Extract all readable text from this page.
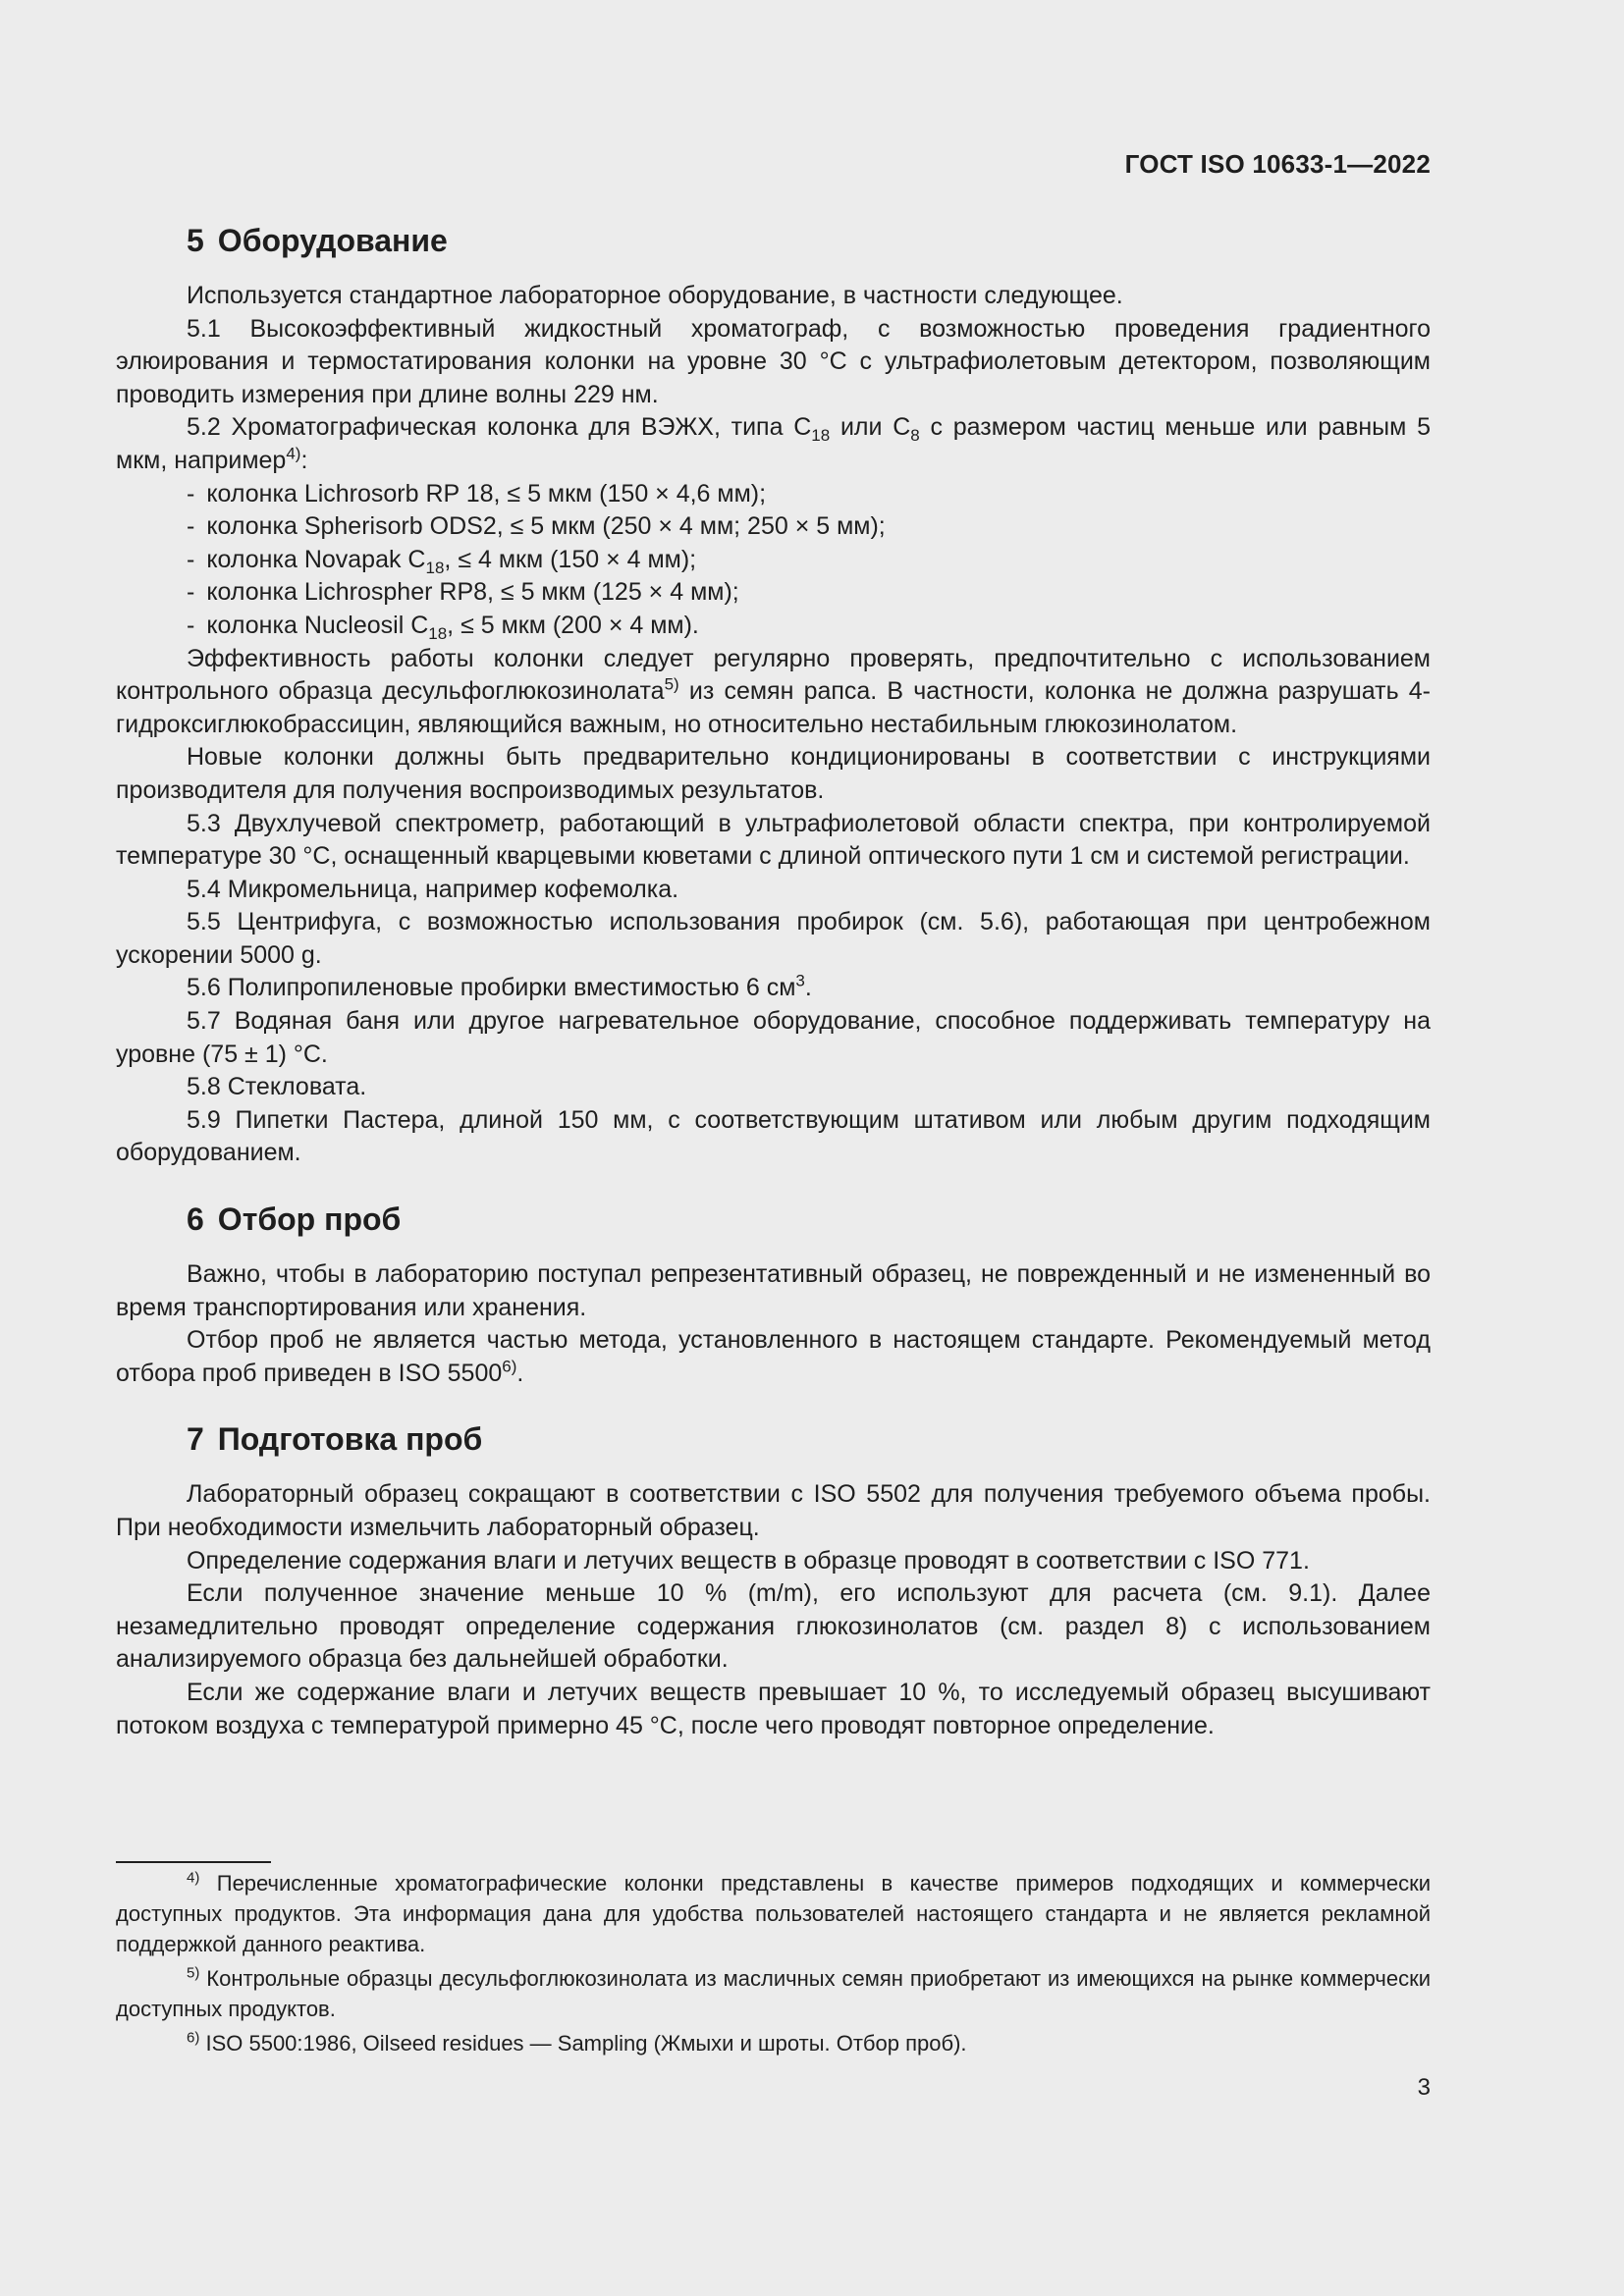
ГОСТ ISO 10633-1—2022
5 Оборудование

Используется стандартное лабораторное оборудование, в частности следующее.

5.1 Высокоэффективный жидкостный хроматограф, с возможностью проведения градиентного элюирования и термостатирования колонки на уровне 30 °C с ультрафиолетовым детектором, позволяющим проводить измерения при длине волны 229 нм.

5.2 Хроматографическая колонка для ВЭЖХ, типа $C_{18}$ или $C_8$ с размером частиц меньше или равным 5 мкм, например$^{4)}$:

- колонка Lichrosorb RP 18, ≤ 5 мкм (150 × 4,6 мм);
- колонка Spherisorb ODS2, ≤ 5 мкм (250 × 4 мм; 250 × 5 мм);
- колонка Novapak $C_{18}$, ≤ 4 мкм (150 × 4 мм);
- колонка Lichrospher RP8, ≤ 5 мкм (125 × 4 мм);
- колонка Nucleosil $C_{18}$, ≤ 5 мкм (200 × 4 мм).

Эффективность работы колонки следует регулярно проверять, предпочтительно с использованием контрольного образца десульфоглюкозинолата$^{5)}$ из семян рапса. В частности, колонка не должна разрушать 4-гидроксиглюкобрассицин, являющийся важным, но относительно нестабильным глюкозинолатом.

Новые колонки должны быть предварительно кондиционированы в соответствии с инструкциями производителя для получения воспроизводимых результатов.

5.3 Двухлучевой спектрометр, работающий в ультрафиолетовой области спектра, при контролируемой температуре 30 °C, оснащенный кварцевыми кюветами с длиной оптического пути 1 см и системой регистрации.

5.4 Микромельница, например кофемолка.

5.5 Центрифуга, с возможностью использования пробирок (см. 5.6), работающая при центробежном ускорении 5000 g.

5.6 Полипропиленовые пробирки вместимостью 6 $см^3$.

5.7 Водяная баня или другое нагревательное оборудование, способное поддерживать температуру на уровне (75 ± 1) °C.

5.8 Стекловата.

5.9 Пипетки Пастера, длиной 150 мм, с соответствующим штативом или любым другим подходящим оборудованием.

6 Отбор проб

Важно, чтобы в лабораторию поступал репрезентативный образец, не поврежденный и не измененный во время транспортирования или хранения.

Отбор проб не является частью метода, установленного в настоящем стандарте. Рекомендуемый метод отбора проб приведен в ISO 5500$^{6)}$.

7 Подготовка проб

Лабораторный образец сокращают в соответствии с ISO 5502 для получения требуемого объема пробы. При необходимости измельчить лабораторный образец.

Определение содержания влаги и летучих веществ в образце проводят в соответствии с ISO 771.

Если полученное значение меньше 10 % (m/m), его используют для расчета (см. 9.1). Далее незамедлительно проводят определение содержания глюкозинолатов (см. раздел 8) с использованием анализируемого образца без дальнейшей обработки.

Если же содержание влаги и летучих веществ превышает 10 %, то исследуемый образец высушивают потоком воздуха с температурой примерно 45 °C, после чего проводят повторное определение.

$^{4)}$ Перечисленные хроматографические колонки представлены в качестве примеров подходящих и коммерчески доступных продуктов. Эта информация дана для удобства пользователей настоящего стандарта и не является рекламной поддержкой данного реактива.

$^{5)}$ Контрольные образцы десульфоглюкозинолата из масличных семян приобретают из имеющихся на рынке коммерчески доступных продуктов.

$^{6)}$ ISO 5500:1986, Oilseed residues — Sampling (Жмыхи и шроты. Отбор проб).

3
